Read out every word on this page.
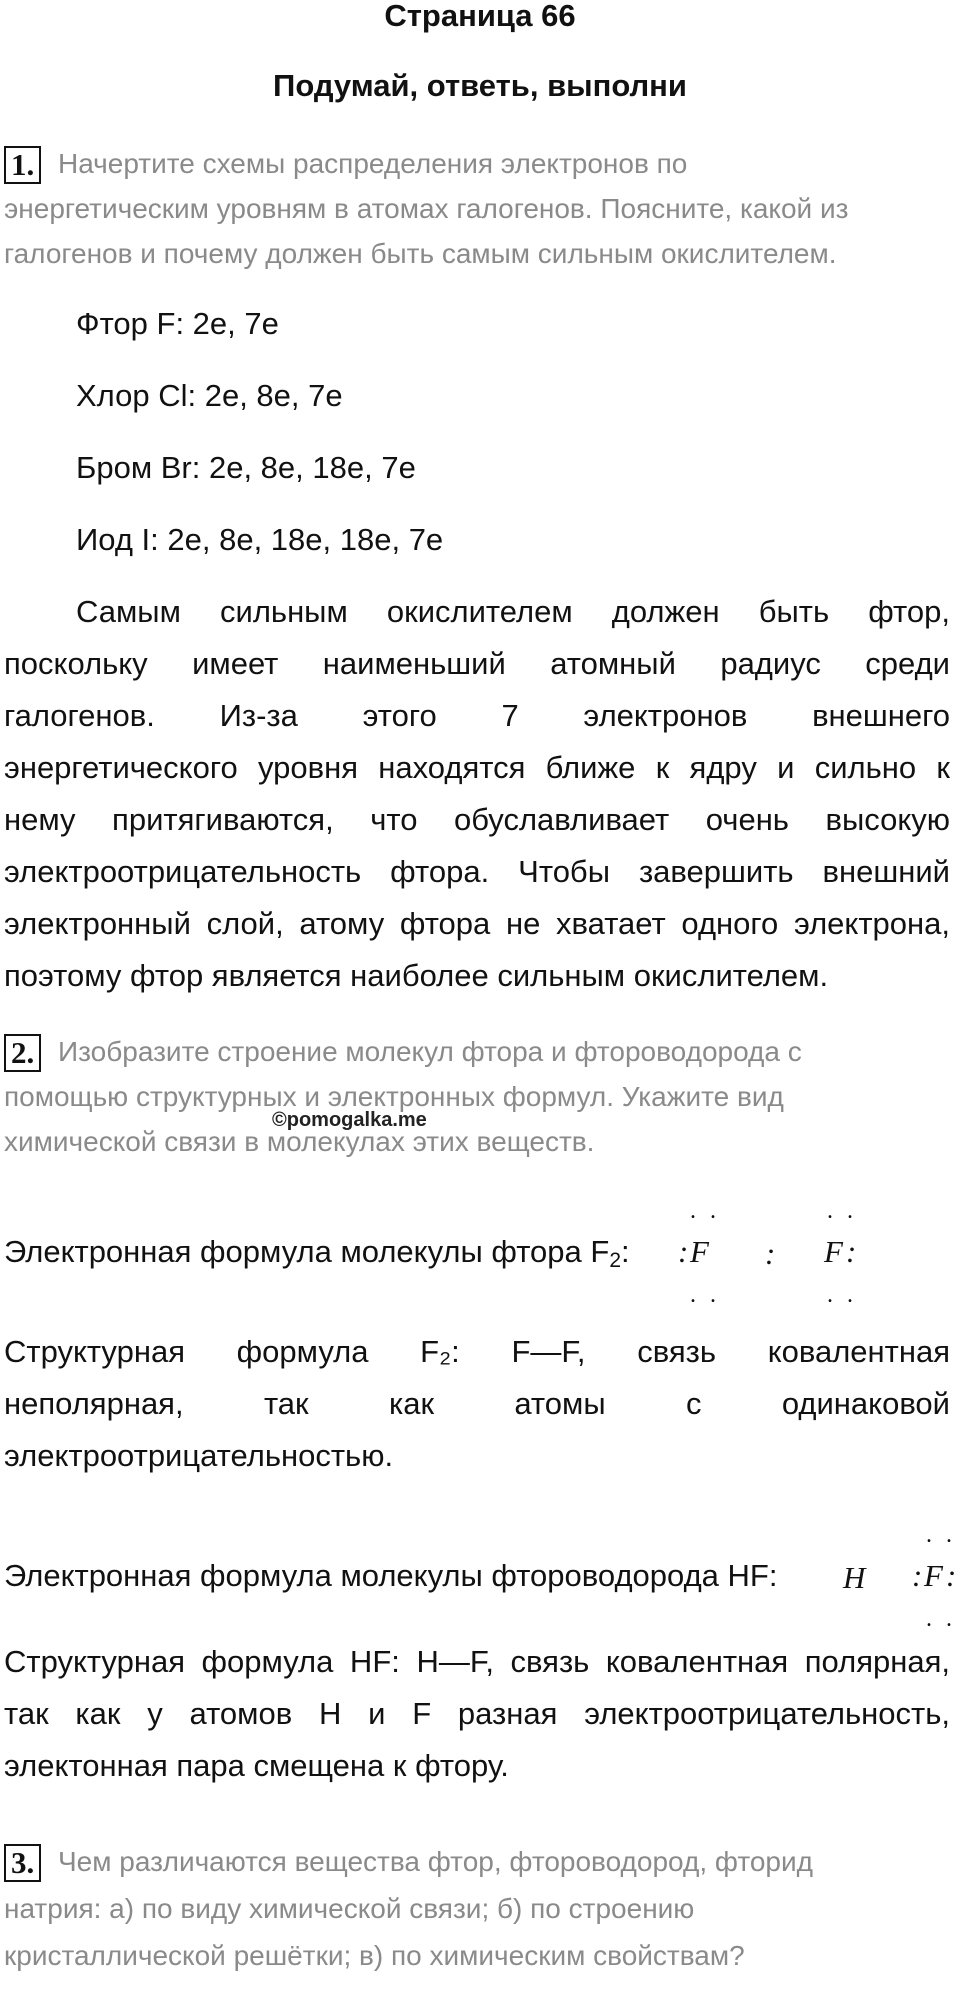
Страница 66
Подумай, ответь, выполни
1. Начертите схемы распределения электронов по
энергетическим уровням в атомах галогенов. Поясните, какой из
галогенов и почему должен быть самым сильным окислителем.
Фтор F: 2e, 7e
Хлор Cl: 2e, 8e, 7e
Бром Br: 2e, 8e, 18e, 7e
Иод I: 2e, 8e, 18e, 18e, 7e
Самым сильным окислителем должен быть фтор,
поскольку имеет наименьший атомный радиус среди
галогенов. Из-за этого 7 электронов внешнего
энергетического уровня находятся ближе к ядру и сильно к
нему притягиваются, что обуславливает очень высокую
электроотрицательность фтора. Чтобы завершить внешний
электронный слой, атому фтора не хватает одного электрона,
поэтому фтор является наиболее сильным окислителем.
2. Изобразите строение молекул фтора и фтороводорода с
помощью структурных и электронных формул. Укажите вид
химической связи в молекулах этих веществ.
©pomogalka.me
Электронная формула молекулы фтора F2: : F
. .
. .
: F
. .
. .
:
Структурная формула F₂: F—F, связь ковалентная
неполярная, так как атомы с одинаковой
электроотрицательностью.
Электронная формула молекулы фтороводорода HF: H : F
. .
. .
:
Структурная формула HF: H—F, связь ковалентная полярная,
так как у атомов H и F разная электроотрицательность,
электонная пара смещена к фтору.
3. Чем различаются вещества фтор, фтороводород, фторид
натрия: а) по виду химической связи; б) по строению
кристаллической решётки; в) по химическим свойствам?
